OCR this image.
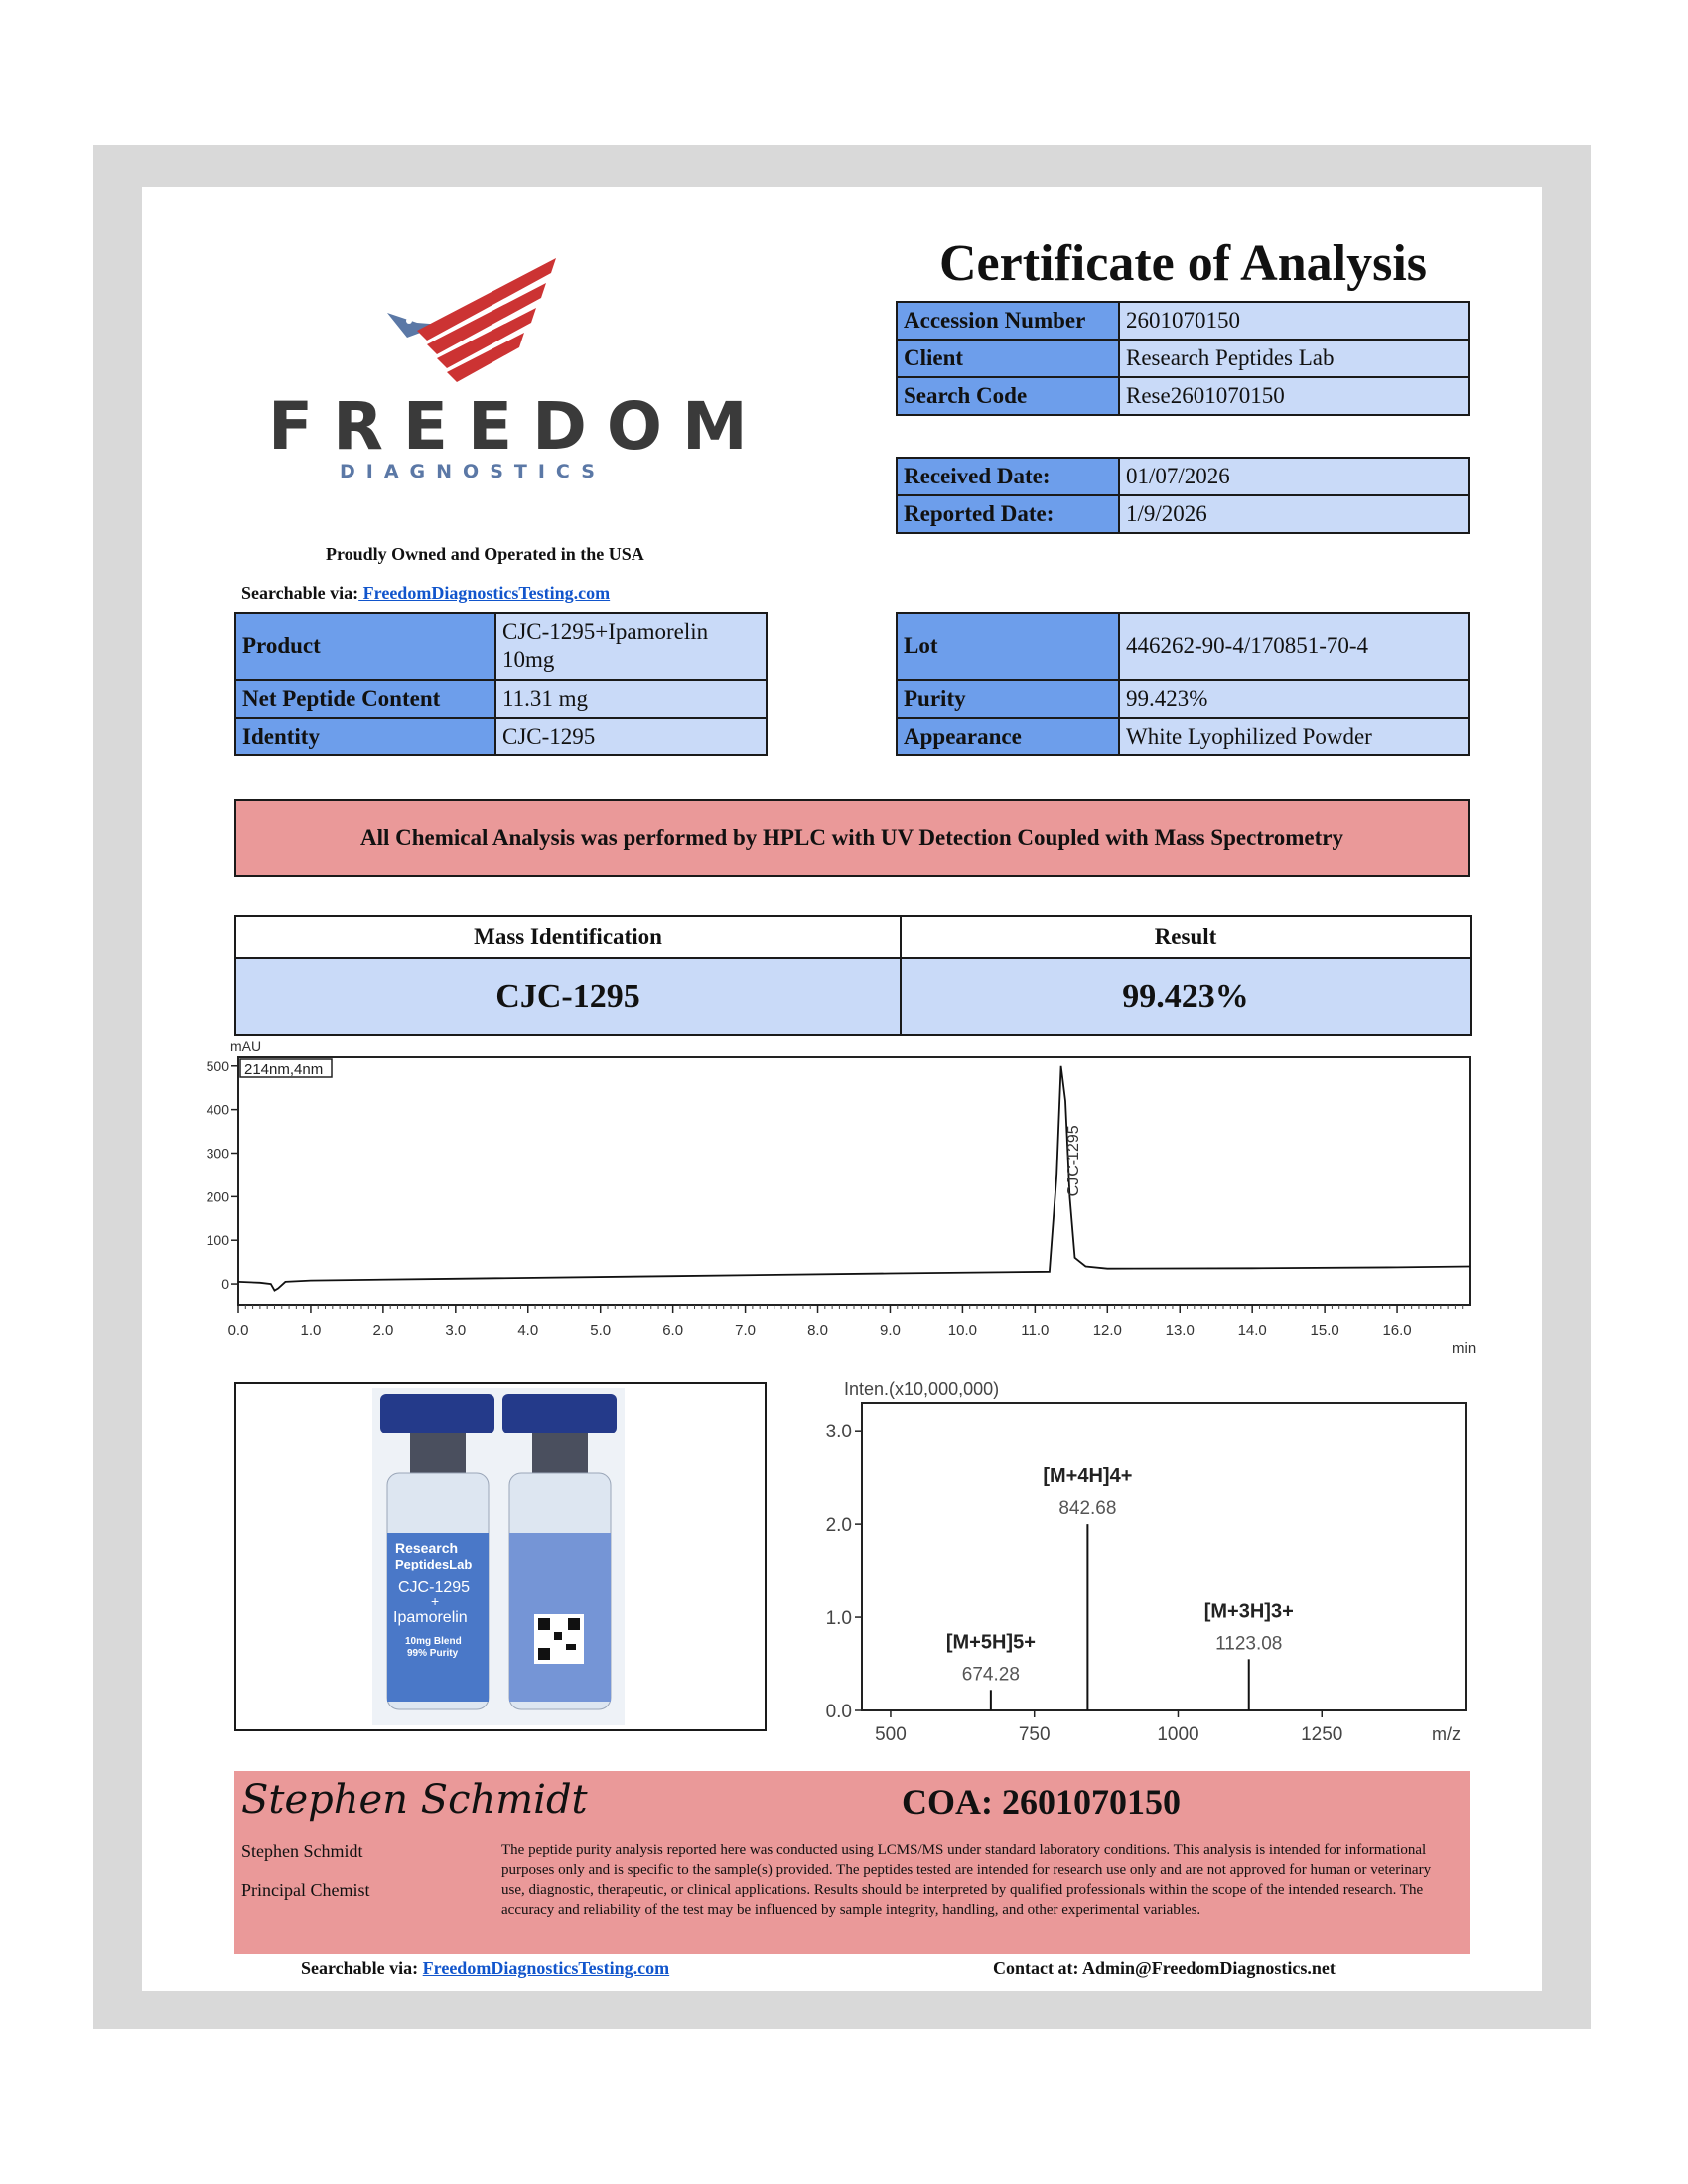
FREEDOM
DIAGNOSTICS
Proudly Owned and Operated in the USA
Searchable via: FreedomDiagnosticsTesting.com
Certificate of Analysis
Accession Number	2601070150
Client	Research Peptides Lab
Search Code	Rese2601070150
Received Date:	01/07/2026
Reported Date:	1/9/2026
Product	CJC-1295+Ipamorelin
10mg
Net Peptide Content	11.31 mg
Identity	CJC-1295
Lot	446262-90-4/170851-70-4
Purity	99.423%
Appearance	White Lyophilized Powder
All Chemical Analysis was performed by HPLC with UV Detection Coupled with Mass Spectrometry
Mass Identification	Result
CJC-1295	99.423%
mAU
214nm,4nm
min
0.0	1.0	2.0	3.0	4.0	5.0	6.0	7.0	8.0	9.0	10.0	11.0	12.0	13.0	14.0	15.0	16.0
0
100
200
300
400
500
CJC-1295
Research
PeptidesLab
CJC-1295
+
Ipamorelin
10mg Blend
99% Purity
Inten.(x10,000,000)
m/z
500	750	1000	1250
0.0
1.0
2.0
3.0
674.28
[M+5H]5+
842.68
[M+4H]4+
1123.08
[M+3H]3+
Stephen Schmidt	COA: 2601070150
Stephen Schmidt
Principal Chemist
The peptide purity analysis reported here was conducted using LCMS/MS under standard laboratory conditions. This analysis is intended for informational purposes only and is specific to the sample(s) provided. The peptides tested are intended for research use only and are not approved for human or veterinary use, diagnostic, therapeutic, or clinical applications. Results should be interpreted by qualified professionals within the scope of the intended research. The accuracy and reliability of the test may be influenced by sample integrity, handling, and other experimental variables.
Searchable via: FreedomDiagnosticsTesting.com	Contact at: Admin@FreedomDiagnostics.net
